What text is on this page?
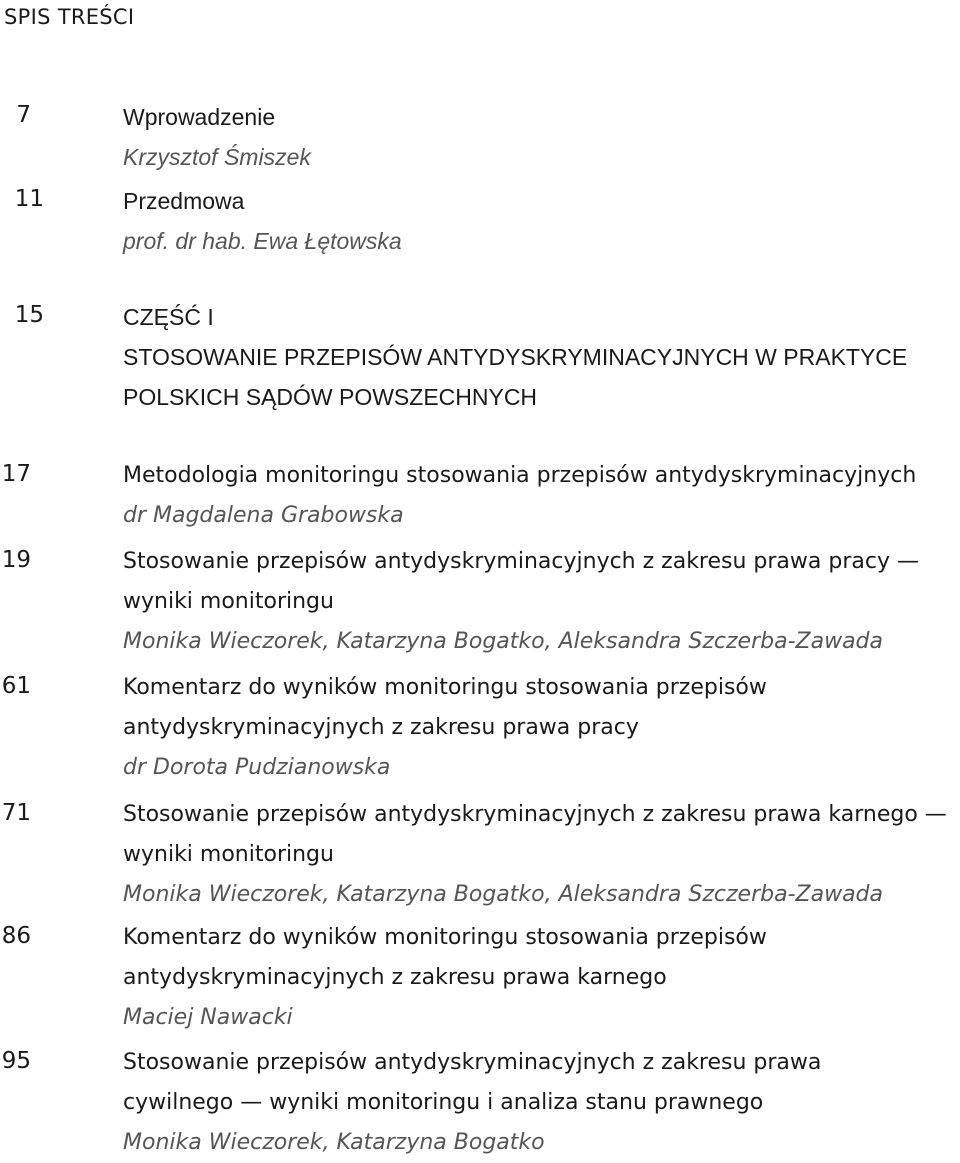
SPIS TREŚCI
7	Wprowadzenie
Krzysztof Śmiszek
11	Przedmowa
prof. dr hab. Ewa Łętowska
15	CZĘŚĆ I
STOSOWANIE PRZEPISÓW ANTYDYSKRYMINACYJNYCH W PRAKTYCE
POLSKICH SĄDÓW POWSZECHNYCH
17	Metodologia monitoringu stosowania przepisów antydyskryminacyjnych
dr Magdalena Grabowska
19	Stosowanie przepisów antydyskryminacyjnych z zakresu prawa pracy —
wyniki monitoringu
Monika Wieczorek, Katarzyna Bogatko, Aleksandra Szczerba-Zawada
61	Komentarz do wyników monitoringu stosowania przepisów
antydyskryminacyjnych z zakresu prawa pracy
dr Dorota Pudzianowska
71	Stosowanie przepisów antydyskryminacyjnych z zakresu prawa karnego —
wyniki monitoringu
Monika Wieczorek, Katarzyna Bogatko, Aleksandra Szczerba-Zawada
86	Komentarz do wyników monitoringu stosowania przepisów
antydyskryminacyjnych z zakresu prawa karnego
Maciej Nawacki
95	Stosowanie przepisów antydyskryminacyjnych z zakresu prawa
cywilnego — wyniki monitoringu i analiza stanu prawnego
Monika Wieczorek, Katarzyna Bogatko
